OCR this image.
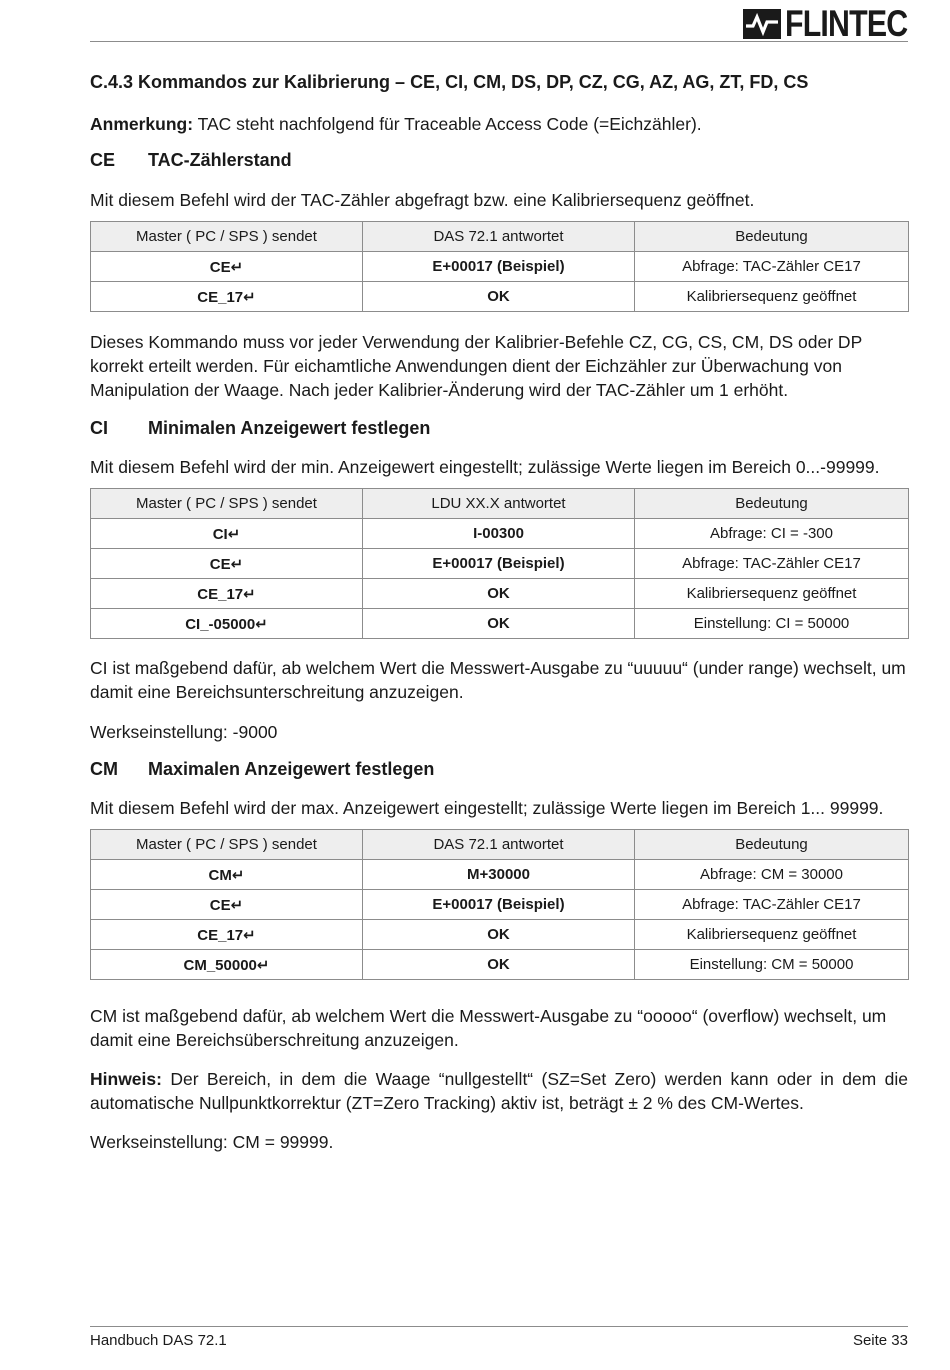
FLINTEC
C.4.3 Kommandos zur Kalibrierung – CE, CI, CM, DS, DP, CZ, CG, AZ, AG, ZT, FD, CS
Anmerkung: TAC steht nachfolgend für Traceable Access Code (=Eichzähler).
CE TAC-Zählerstand
Mit diesem Befehl wird der TAC-Zähler abgefragt bzw. eine Kalibriersequenz geöffnet.
Master ( PC / SPS ) sendet	DAS 72.1 antwortet	Bedeutung
CE↵	E+00017 (Beispiel)	Abfrage: TAC-Zähler CE17
CE_17↵	OK	Kalibriersequenz geöffnet
Dieses Kommando muss vor jeder Verwendung der Kalibrier-Befehle CZ, CG, CS, CM, DS oder DP korrekt erteilt werden. Für eichamtliche Anwendungen dient der Eichzähler zur Überwachung von Manipulation der Waage. Nach jeder Kalibrier-Änderung wird der TAC-Zähler um 1 erhöht.
CI Minimalen Anzeigewert festlegen
Mit diesem Befehl wird der min. Anzeigewert eingestellt; zulässige Werte liegen im Bereich 0...-99999.
Master ( PC / SPS ) sendet	LDU XX.X antwortet	Bedeutung
CI↵	I-00300	Abfrage: CI = -300
CE↵	E+00017 (Beispiel)	Abfrage: TAC-Zähler CE17
CE_17↵	OK	Kalibriersequenz geöffnet
CI_-05000↵	OK	Einstellung: CI = 50000
CI ist maßgebend dafür, ab welchem Wert die Messwert-Ausgabe zu “uuuuu“ (under range) wechselt, um damit eine Bereichsunterschreitung anzuzeigen.
Werkseinstellung: -9000
CM Maximalen Anzeigewert festlegen
Mit diesem Befehl wird der max. Anzeigewert eingestellt; zulässige Werte liegen im Bereich 1... 99999.
Master ( PC / SPS ) sendet	DAS 72.1 antwortet	Bedeutung
CM↵	M+30000	Abfrage: CM = 30000
CE↵	E+00017 (Beispiel)	Abfrage: TAC-Zähler CE17
CE_17↵	OK	Kalibriersequenz geöffnet
CM_50000↵	OK	Einstellung: CM = 50000
CM ist maßgebend dafür, ab welchem Wert die Messwert-Ausgabe zu “ooooo“ (overflow) wechselt, um damit eine Bereichsüberschreitung anzuzeigen.
Hinweis: Der Bereich, in dem die Waage “nullgestellt“ (SZ=Set Zero) werden kann oder in dem die automatische Nullpunktkorrektur (ZT=Zero Tracking) aktiv ist, beträgt ± 2 % des CM-Wertes.
Werkseinstellung: CM = 99999.
Handbuch DAS 72.1	Seite 33
